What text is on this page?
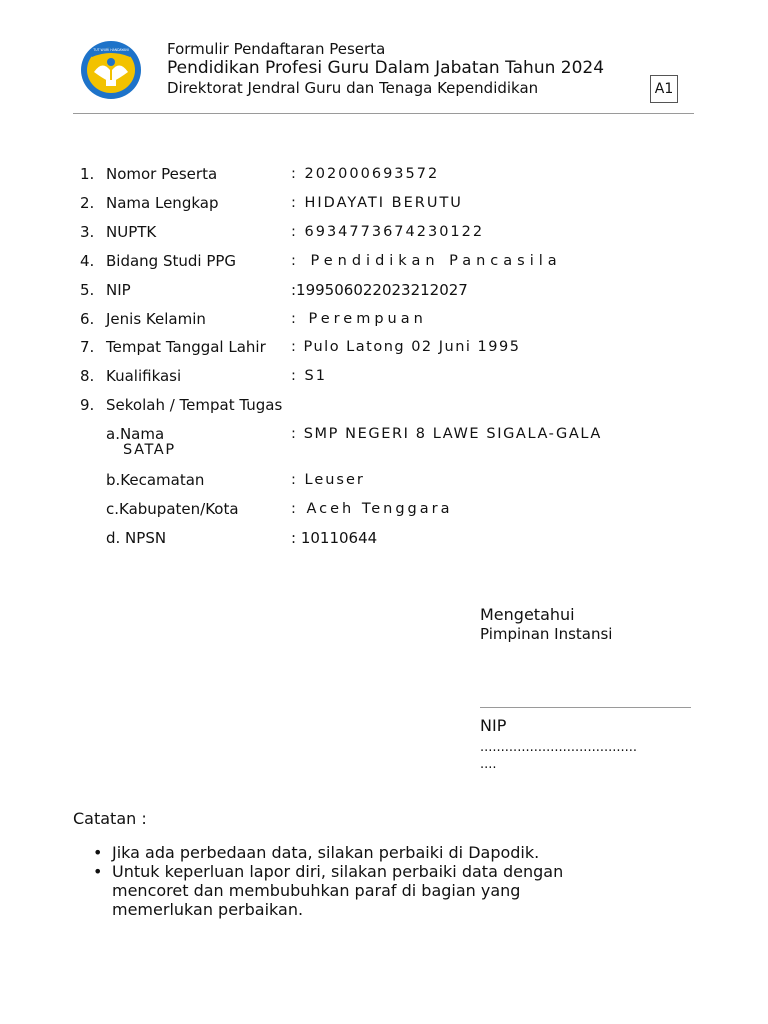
TUT WURI HANDAYANI	Formulir Pendaftaran Peserta
Pendidikan Profesi Guru Dalam Jabatan Tahun 2024
Direktorat Jendral Guru dan Tenaga Kependidikan	A1
1. Nomor Peserta	: 202000693572
2. Nama Lengkap	: HIDAYATI BERUTU
3. NUPTK	: 6934773674230122
4. Bidang Studi PPG	: Pendidikan Pancasila
5. NIP	:199506022023212027
6. Jenis Kelamin	: Perempuan
7. Tempat Tanggal Lahir : Pulo Latong 02 Juni 1995
8. Kualifikasi	: S1
9. Sekolah / Tempat Tugas
a.Nama	: SMP NEGERI 8 LAWE SIGALA-GALA
SATAP
b.Kecamatan	: Leuser
c.Kabupaten/Kota	: Aceh Tenggara
d. NPSN	: 10110644
Mengetahui
Pimpinan Instansi
NIP
......................................
....
Catatan :
• Jika ada perbedaan data, silakan perbaiki di Dapodik.
• Untuk keperluan lapor diri, silakan perbaiki data dengan mencoret dan membubuhkan paraf di bagian yang memerlukan perbaikan.
